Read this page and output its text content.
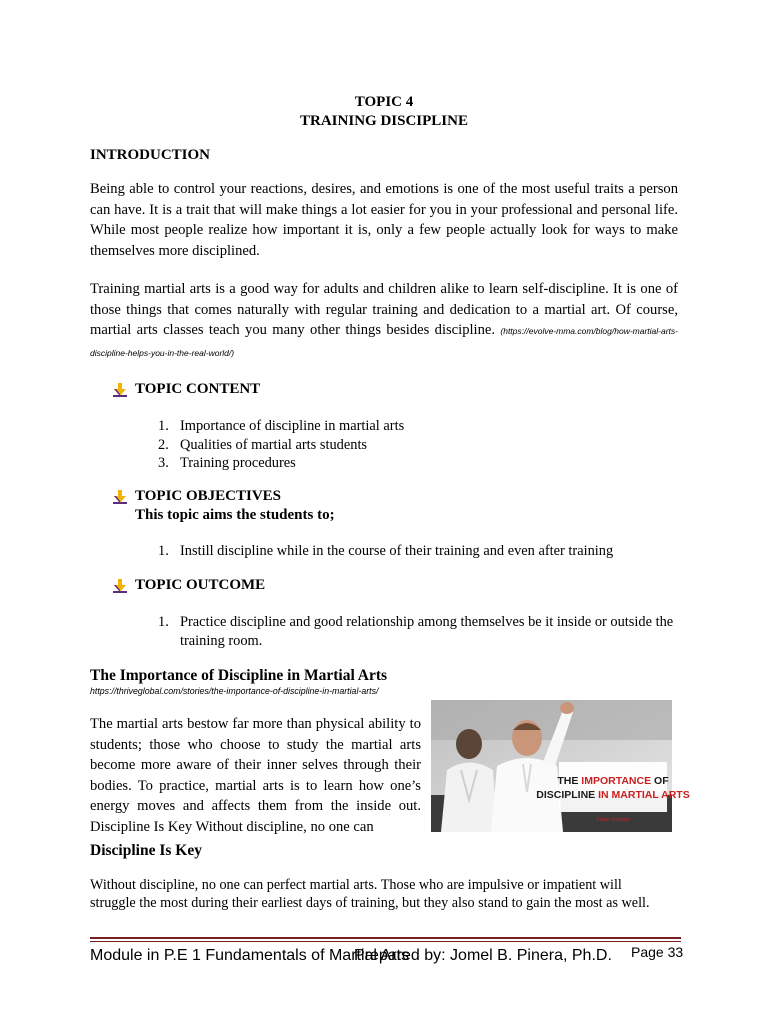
TOPIC 4
TRAINING DISCIPLINE
INTRODUCTION
Being able to control your reactions, desires, and emotions is one of the most useful traits a person can have. It is a trait that will make things a lot easier for you in your professional and personal life. While most people realize how important it is, only a few people actually look for ways to make themselves more disciplined.
Training martial arts is a good way for adults and children alike to learn self-discipline. It is one of those things that comes naturally with regular training and dedication to a martial art. Of course, martial arts classes teach you many other things besides discipline. (https://evolve-mma.com/blog/how-martial-arts-discipline-helps-you-in-the-real-world/)
TOPIC CONTENT
1. Importance of discipline in martial arts
2. Qualities of martial arts students
3. Training procedures
TOPIC OBJECTIVES
This topic aims the students to;
1. Instill discipline while in the course of their training and even after training
TOPIC OUTCOME
1. Practice discipline and good relationship among themselves be it inside or outside the training room.
The Importance of Discipline in Martial Arts
https://thriveglobal.com/stories/the-importance-of-discipline-in-martial-arts/
The martial arts bestow far more than physical ability to students; those who choose to study the martial arts become more aware of their inner selves through their bodies. To practice, martial arts is to learn how one’s energy moves and affects them from the inside out. Discipline Is Key Without discipline, no one can
THE IMPORTANCE OF
DISCIPLINE IN MARTIAL ARTS
Flavio Almeida
Discipline Is Key
Without discipline, no one can perfect martial arts. Those who are impulsive or impatient will struggle the most during their earliest days of training, but they also stand to gain the most as well.
Module in P.E 1 Fundamentals of Martial Arts
Prepared by: Jomel B. Pinera, Ph.D. Page 33
